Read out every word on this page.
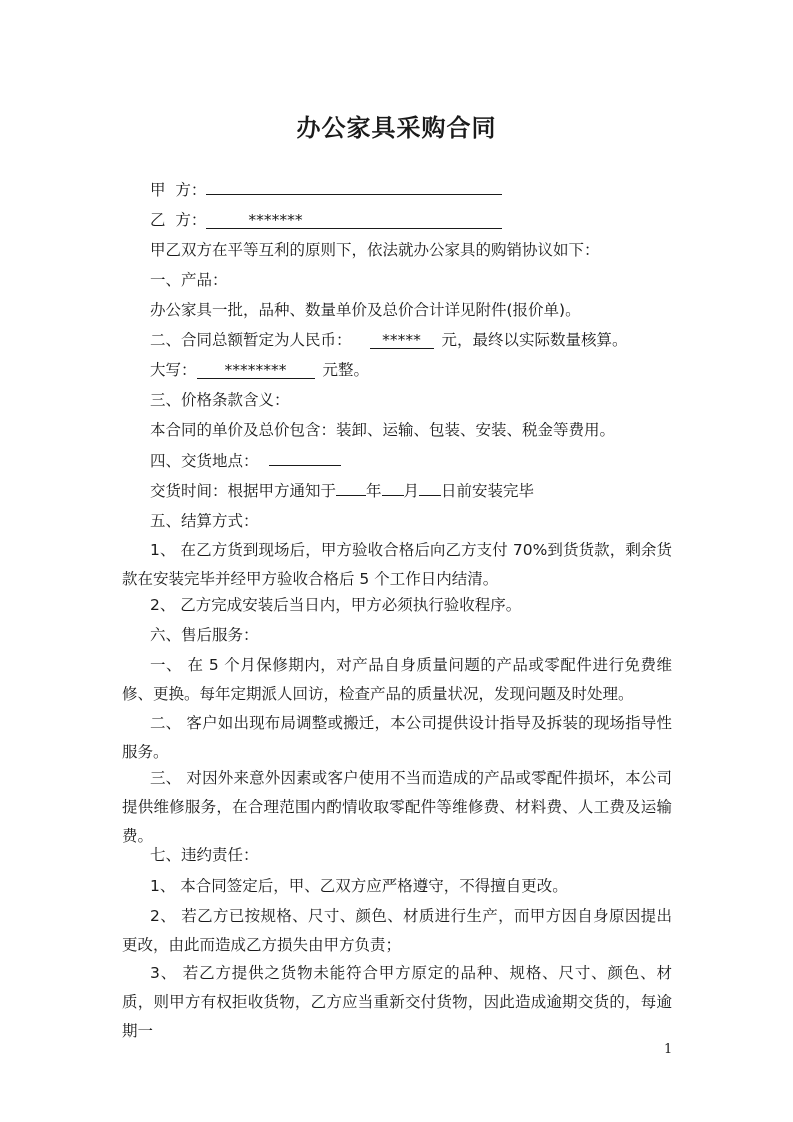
办公家具采购合同
甲  方：
乙  方：	*******
甲乙双方在平等互利的原则下，依法就办公家具的购销协议如下：
一、产品：
办公家具一批，品种、数量单价及总价合计详见附件(报价单)。
二、合同总额暂定为人民币： ***** 元，最终以实际数量核算。
大写： ******** 元整。
三、价格条款含义：
本合同的单价及总价包含：装卸、运输、包装、安装、税金等费用。
四、交货地点：
交货时间：根据甲方通知于 年 月 日前安装完毕
五、结算方式：
1、 在乙方货到现场后，甲方验收合格后向乙方支付 70%到货货款，剩余货款在安装完毕并经甲方验收合格后 5 个工作日内结清。
2、 乙方完成安装后当日内，甲方必须执行验收程序。
六、售后服务：
一、 在 5 个月保修期内，对产品自身质量问题的产品或零配件进行免费维修、更换。每年定期派人回访，检查产品的质量状况，发现问题及时处理。
二、 客户如出现布局调整或搬迁，本公司提供设计指导及拆装的现场指导性服务。
三、 对因外来意外因素或客户使用不当而造成的产品或零配件损坏，本公司提供维修服务，在合理范围内酌情收取零配件等维修费、材料费、人工费及运输费。
七、违约责任：
1、 本合同签定后，甲、乙双方应严格遵守，不得擅自更改。
2、 若乙方已按规格、尺寸、颜色、材质进行生产，而甲方因自身原因提出更改，由此而造成乙方损失由甲方负责；
3、 若乙方提供之货物未能符合甲方原定的品种、规格、尺寸、颜色、材质，则甲方有权拒收货物，乙方应当重新交付货物，因此造成逾期交货的，每逾期一
1
